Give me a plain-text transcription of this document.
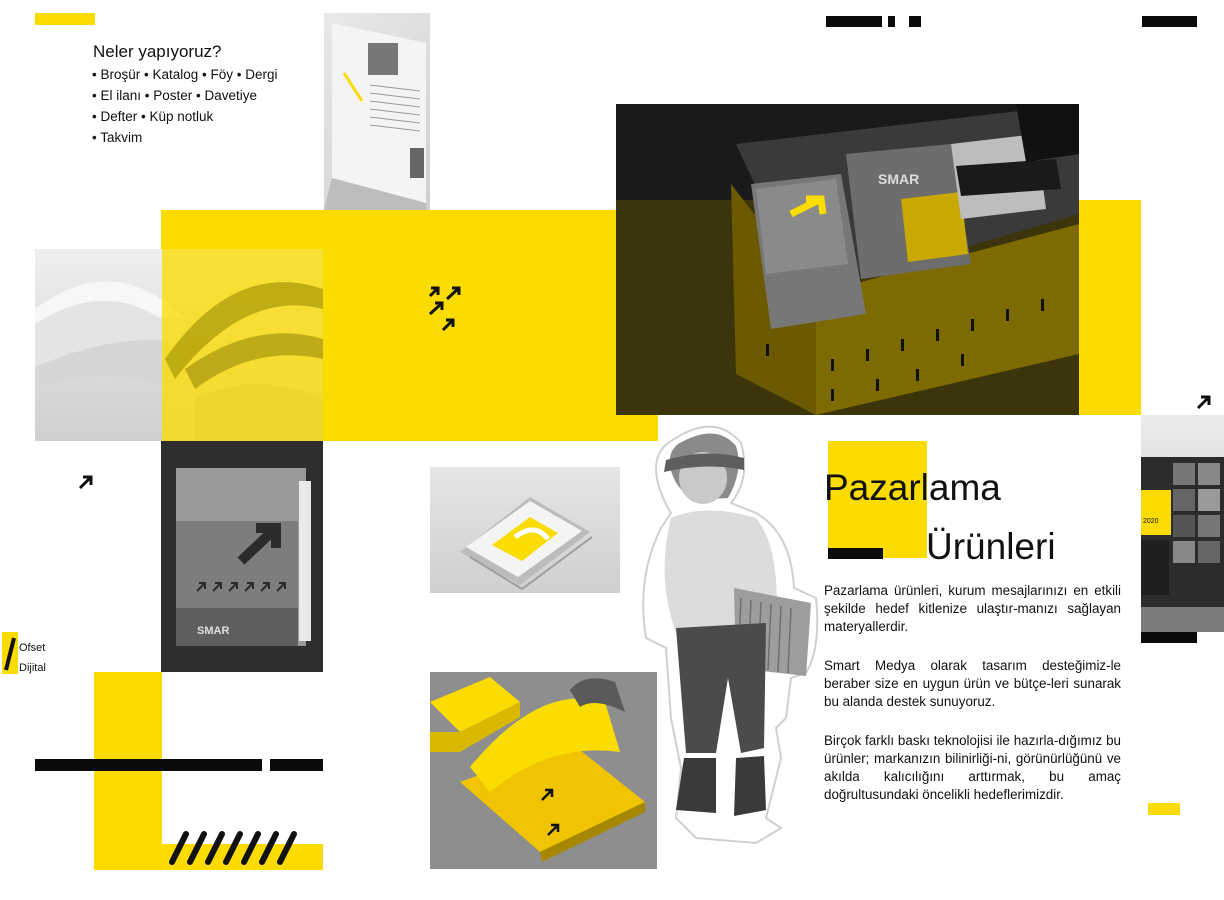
Neler yapıyoruz?
• Broşür • Katalog • Föy • Dergi
• El ilanı • Poster • Davetiye
• Defter • Küp notluk
• Takvim
SMAR
2020
SMAR
Ofset
Dijital
Pazarlama
Ürünleri

Pazarlama ürünleri, kurum mesajlarınızı en etkili şekilde hedef kitlenize ulaştır-manızı sağlayan materyallerdir.

Smart Medya olarak tasarım desteğimiz-le beraber size en uygun ürün ve bütçe-leri sunarak bu alanda destek sunuyoruz.

Birçok farklı baskı teknolojisi ile hazırla-dığımız bu ürünler; markanızın bilinirliği-ni, görünürlüğünü ve akılda kalıcılığını arttırmak, bu amaç doğrultusundaki öncelikli hedeflerimizdir.
